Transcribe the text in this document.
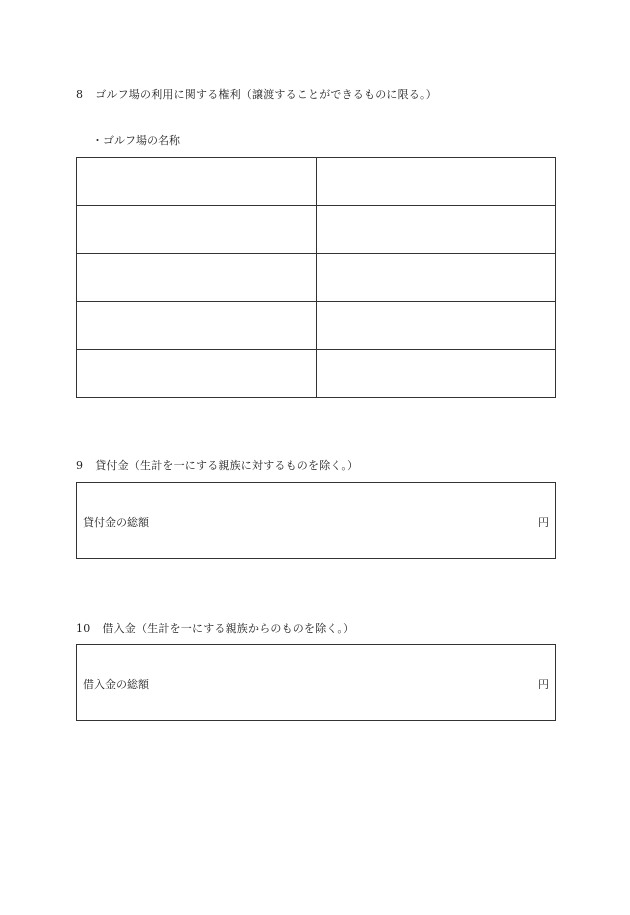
8 ゴルフ場の利用に関する権利（譲渡することができるものに限る。）
・ゴルフ場の名称

9 貸付金（生計を一にする親族に対するものを除く。）
貸付金の総額	円
10 借入金（生計を一にする親族からのものを除く。）
借入金の総額	円
